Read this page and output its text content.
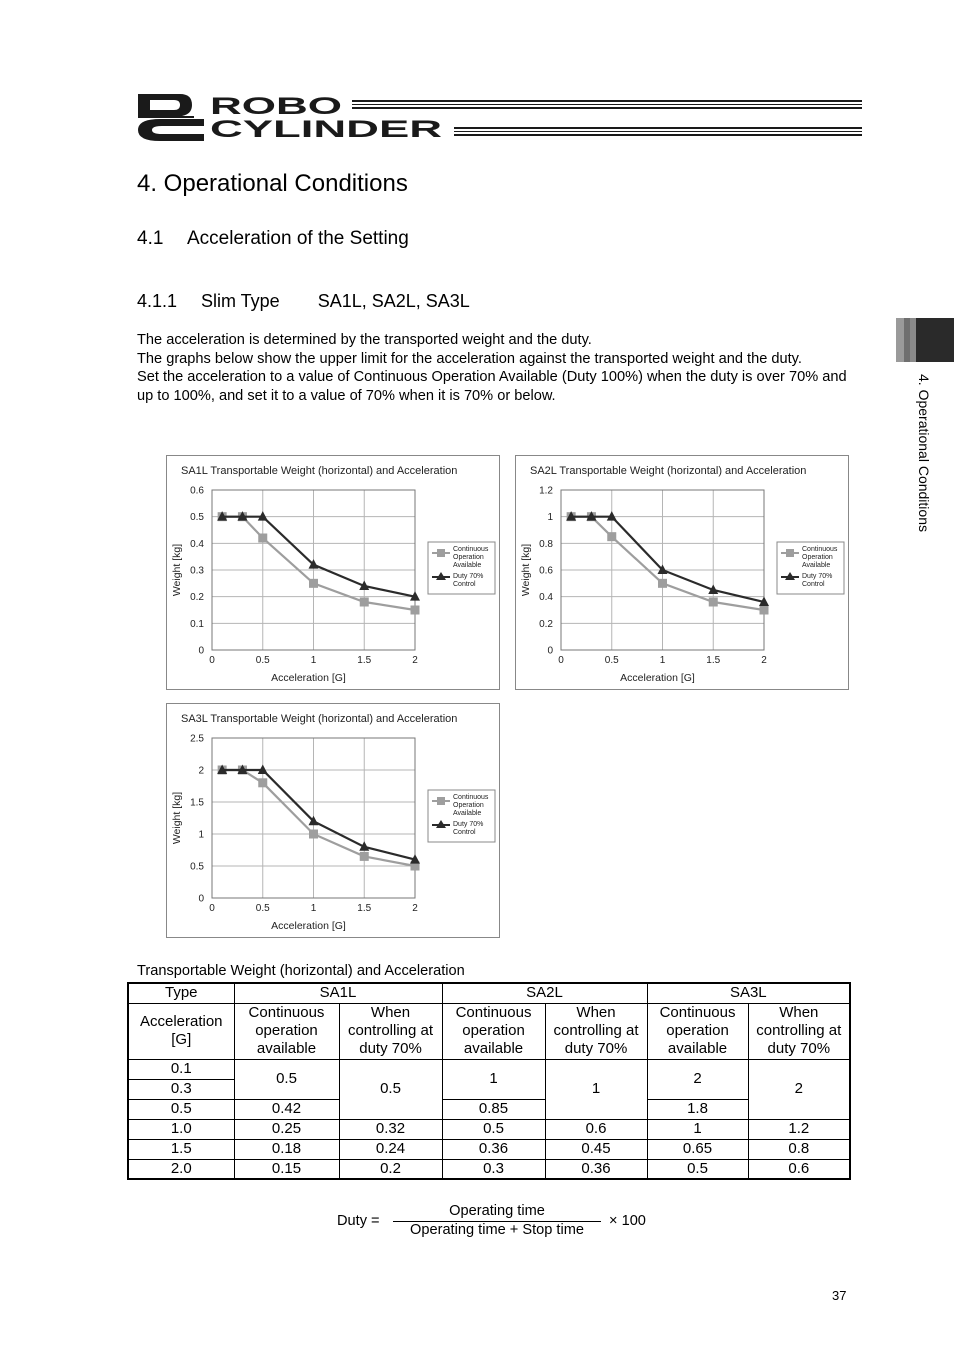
ROBO
CYLINDER
4. Operational Conditions
4. Operational Conditions
4.1 Acceleration of the Setting
4.1.1 Slim Type SA1L, SA2L, SA3L

The acceleration is determined by the transported weight and the duty.

The graphs below show the upper limit for the acceleration against the transported weight and the duty.

Set the acceleration to a value of Continuous Operation Available (Duty 100%) when the duty is over 70% and up to 100%, and set it to a value of 70% when it is 70% or below.

SA1L Transportable Weight (horizontal) and Acceleration
0	0.5	1	1.5	2
0
0.1
0.2
0.3
0.4
0.5
0.6
Acceleration [G]
Weight [kg]	Continuous
Operation
Available
Duty 70%
Control
SA2L Transportable Weight (horizontal) and Acceleration
0	0.5	1	1.5	2
0
0.2
0.4
0.6
0.8
1
1.2
Acceleration [G]
Weight [kg]	Continuous
Operation
Available
Duty 70%
Control
SA3L Transportable Weight (horizontal) and Acceleration
0	0.5	1	1.5	2
0
0.5
1
1.5
2
2.5
Acceleration [G]
Weight [kg]	Continuous
Operation
Available
Duty 70%
Control
Transportable Weight (horizontal) and Acceleration
Type	SA1L		SA2L		SA3L	
Acceleration [G]	Continuous operation available	When controlling at duty 70%	Continuous operation available	When controlling at duty 70%	Continuous operation available	When controlling at duty 70%
0.1	0.5	0.5	1	1	2	2
0.3						
0.5	0.42		0.85		1.8	
1.0	0.25	0.32	0.5	0.6	1	1.2
1.5	0.18	0.24	0.36	0.45	0.65	0.8
2.0	0.15	0.2	0.3	0.36	0.5	0.6
Duty =
Operating time
Operating time + Stop time
× 100
37
